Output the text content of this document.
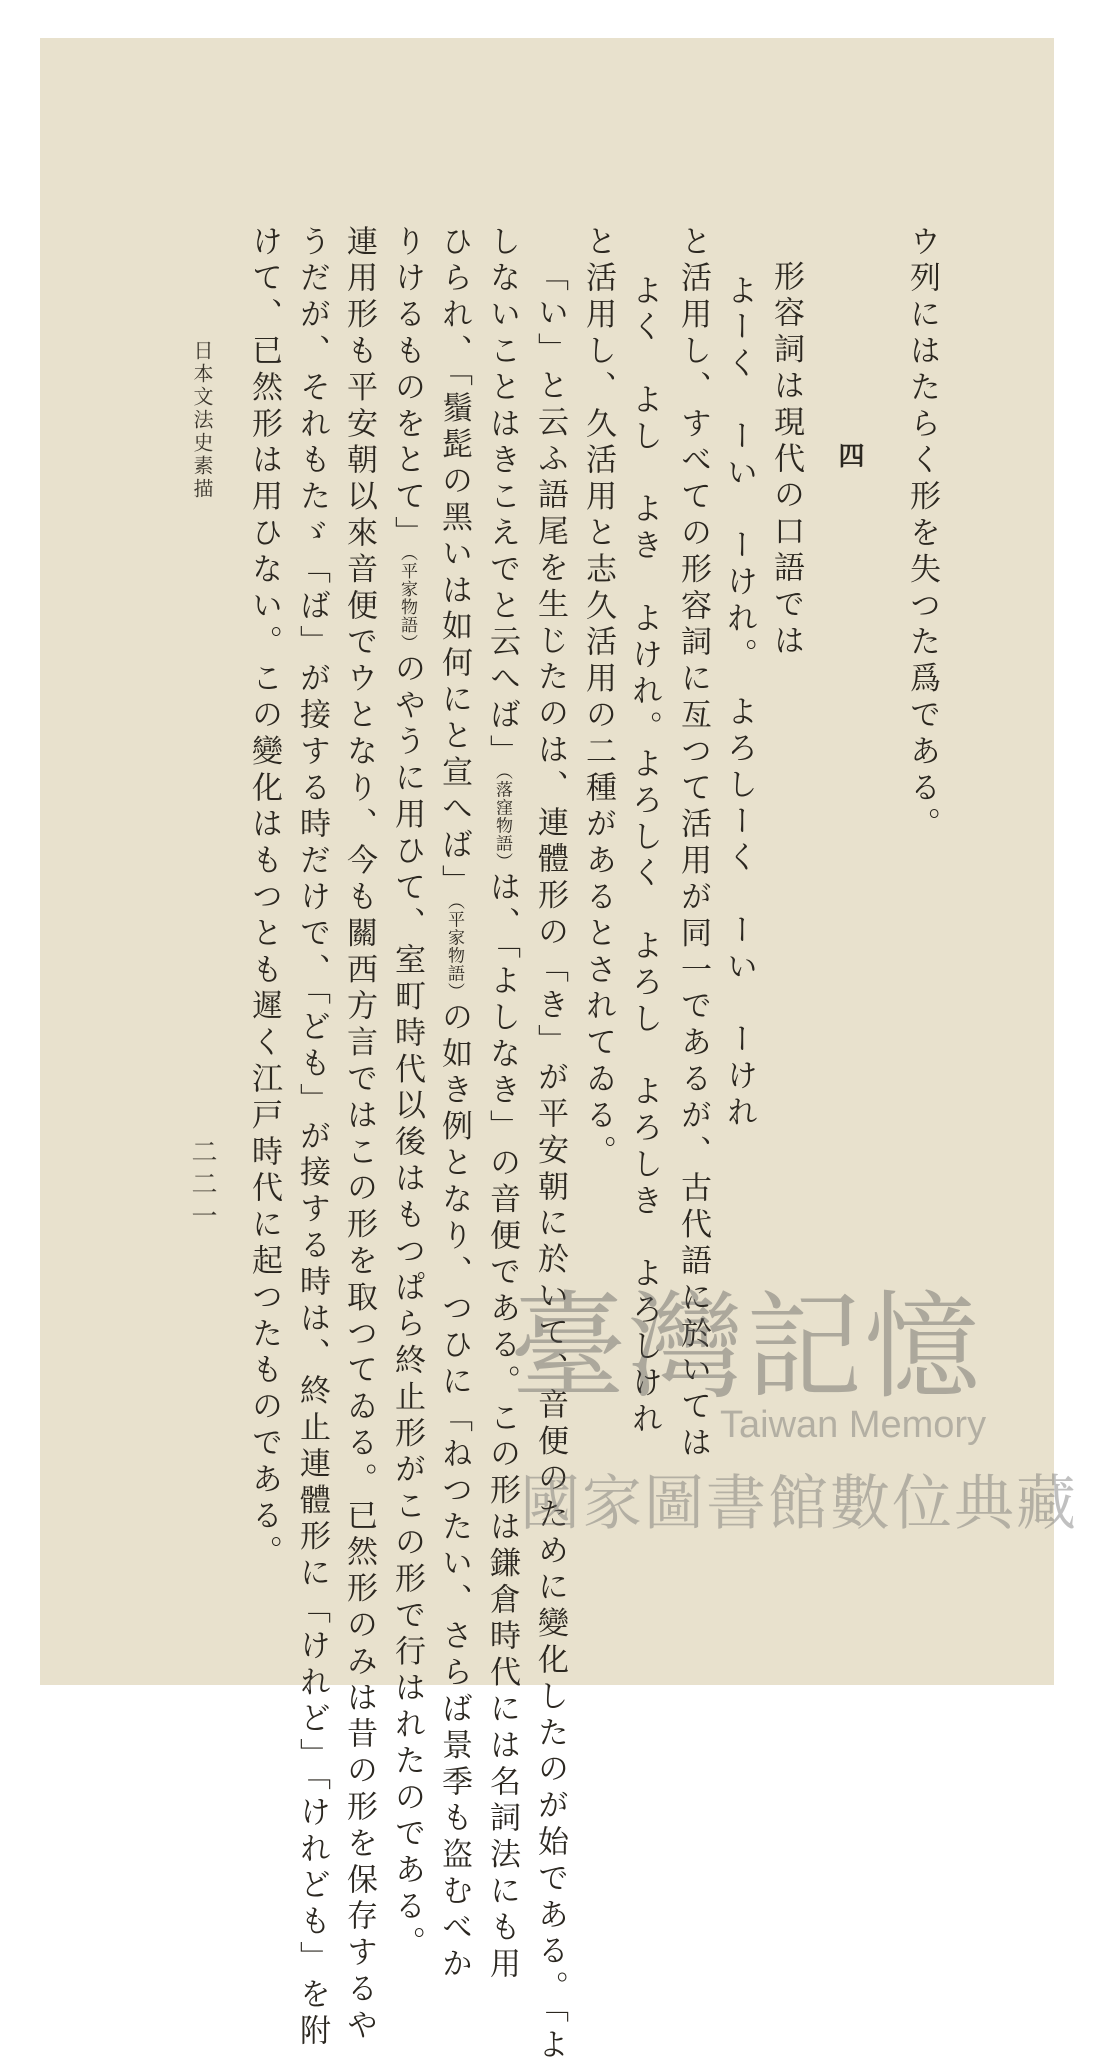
ウ列にはたらく形を失つた爲である。
四
形容詞は現代の口語では
よーく　ーい　ーけれ。　よろしーく　ーい　ーけれ
と活用し、すべての形容詞に亙つて活用が同一であるが、古代語に於いては
よく　よし　よき　よけれ。よろしく　よろし　よろしき　よろしけれ
と活用し、久活用と志久活用の二種があるとされてゐる。
「い」と云ふ語尾を生じたのは、連體形の「き」が平安朝に於いて、音便のために變化したのが始である。「よ
しないことはきこえでと云へば」（落窪物語）は、「よしなき」の音便である。この形は鎌倉時代には名詞法にも用
ひられ、「鬚髭の黑いは如何にと宣へば」（平家物語）の如き例となり、つひに「ねつたい、さらば景季も盗むべか
りけるものをとて」（平家物語）のやうに用ひて、室町時代以後はもつぱら終止形がこの形で行はれたのである。
連用形も平安朝以來音便でウとなり、今も關西方言ではこの形を取つてゐる。已然形のみは昔の形を保存するや
うだが、それもたゞ「ば」が接する時だけで、「ども」が接する時は、終止連體形に「けれど」「けれども」を附
けて、已然形は用ひない。この變化はもつとも遲く江戸時代に起つたものである。
日本文法史素描
二二一
臺灣記憶
Taiwan Memory
國家圖書館數位典藏
